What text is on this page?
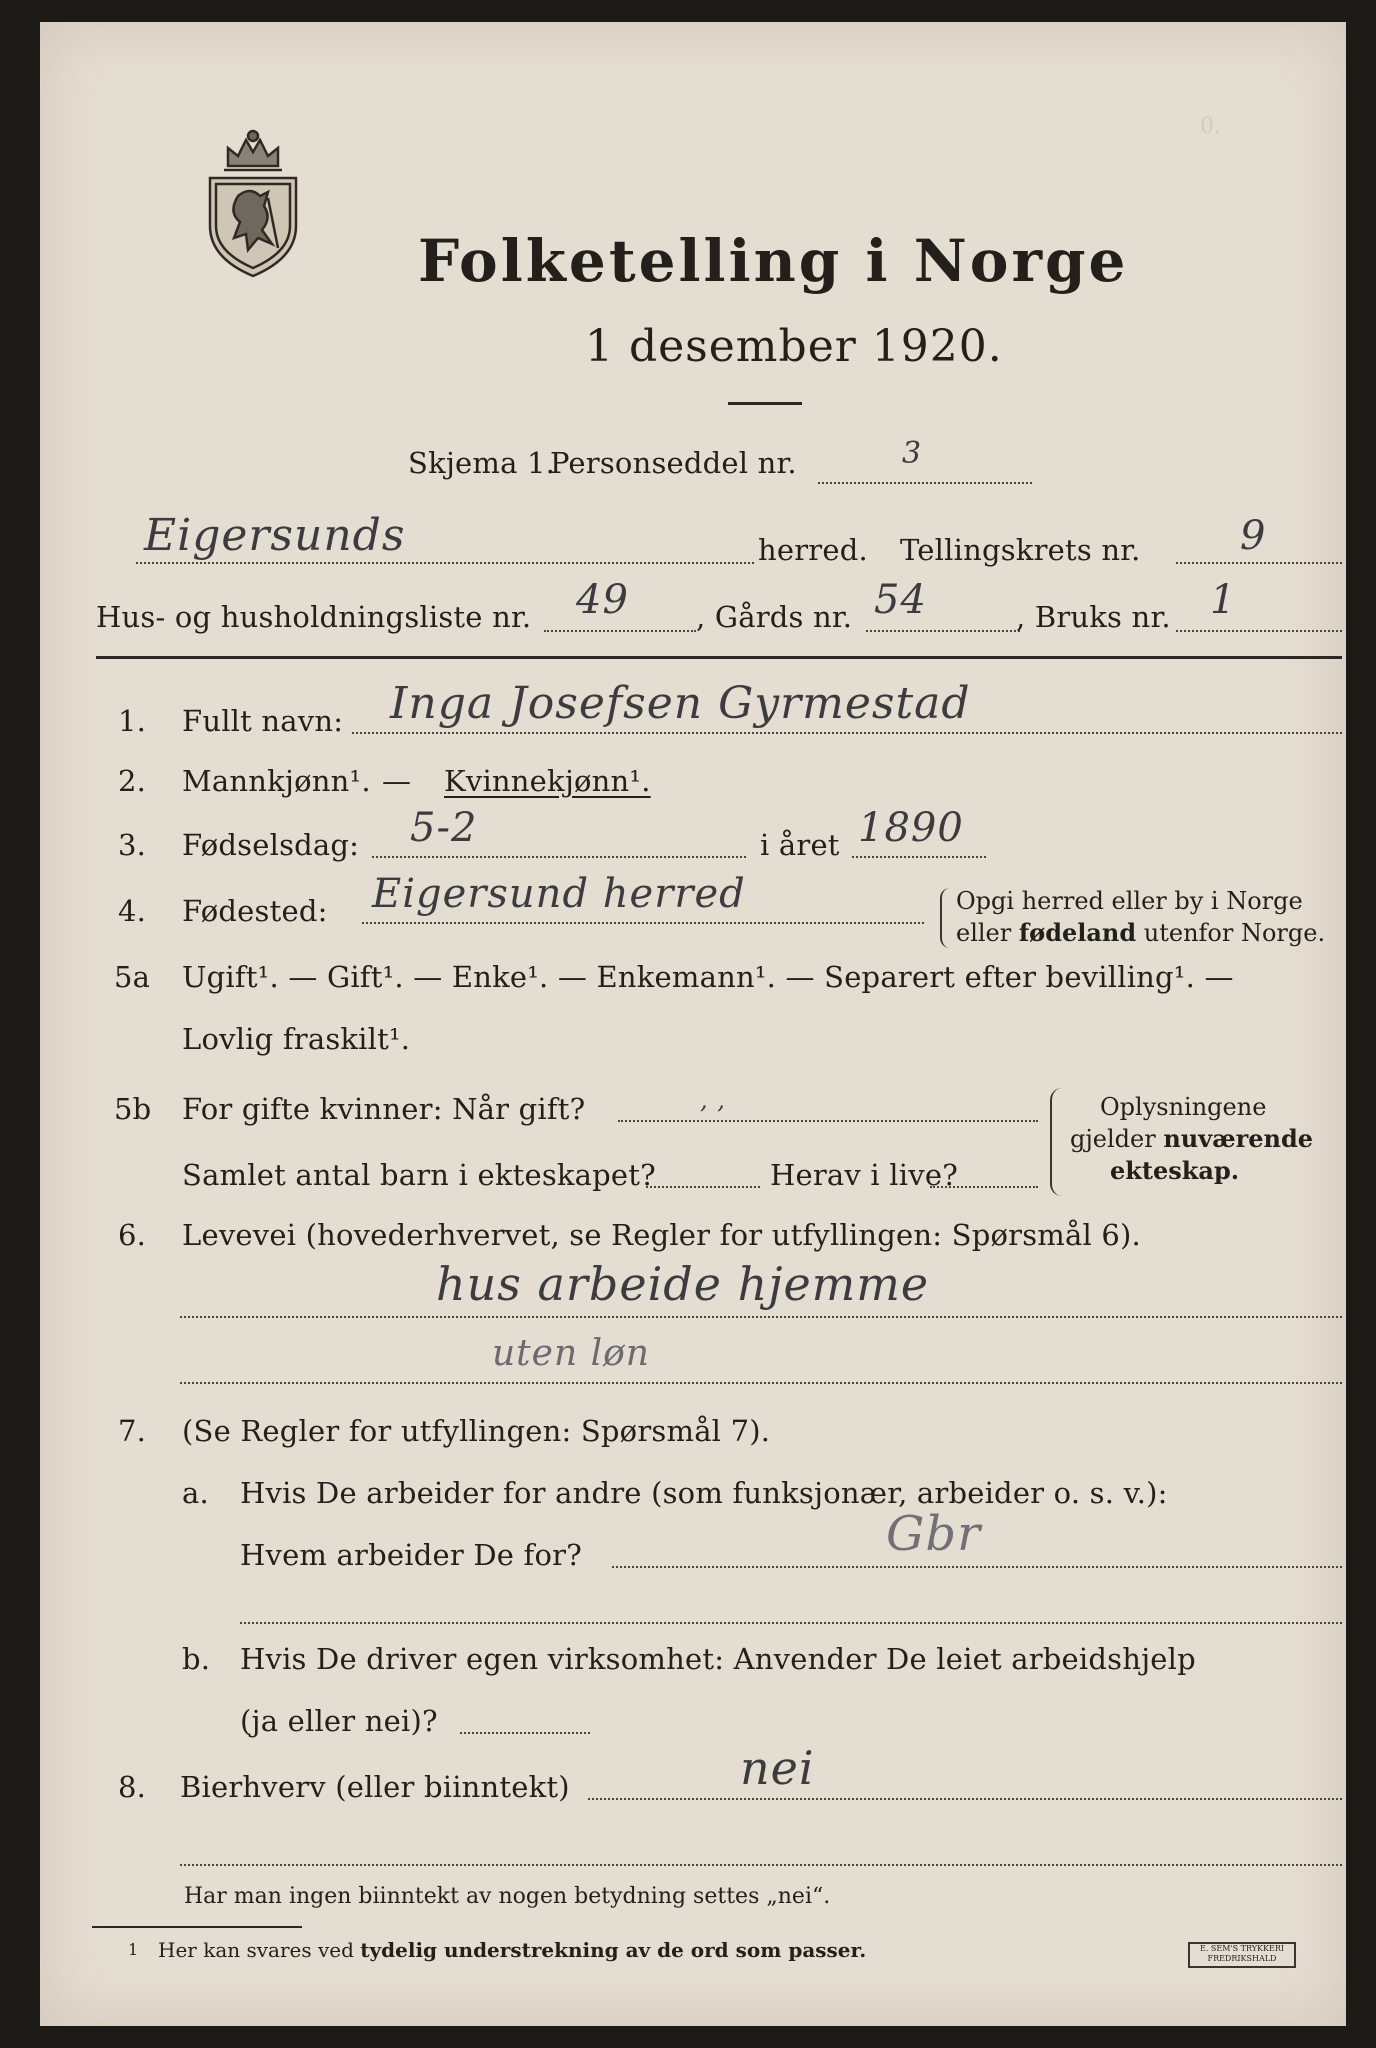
0.
Folketelling i Norge
1 desember 1920.
Skjema 1.
Personseddel nr.	3
Eigersunds	herred. Tellingskrets nr. 9
Hus- og husholdningsliste nr. 49 , Gårds nr. 54	, Bruks nr. 1
1. Fullt navn: Inga Josefsen Gyrmestad
2. Mannkjønn¹. — Kvinnekjønn¹.
3. Fødselsdag: 5-2	i året 1890
4. Fødested: Eigersund herred	Opgi herred eller by i Norge
eller fødeland utenfor Norge.
5a Ugift¹. — Gift¹. — Enke¹. — Enkemann¹. — Separert efter bevilling¹. —
Lovlig fraskilt¹.
5b For gifte kvinner: Når gift?	, ,
Samlet antal barn i ekteskapet?	Herav i live?
Oplysningene
gjelder nuværende
ekteskap.
6. Levevei (hovederhvervet, se Regler for utfyllingen: Spørsmål 6).
hus arbeide hjemme
uten løn
7. (Se Regler for utfyllingen: Spørsmål 7).
a. Hvis De arbeider for andre (som funksjonær, arbeider o. s. v.):
Hvem arbeider De for?	Gbr
b. Hvis De driver egen virksomhet: Anvender De leiet arbeidshjelp
(ja eller nei)?
8. Bierhverv (eller biinntekt)	nei
Har man ingen biinntekt av nogen betydning settes „nei“.
1 Her kan svares ved tydelig understrekning av de ord som passer.	E. SEM'S TRYKKERI
FREDRIKSHALD
